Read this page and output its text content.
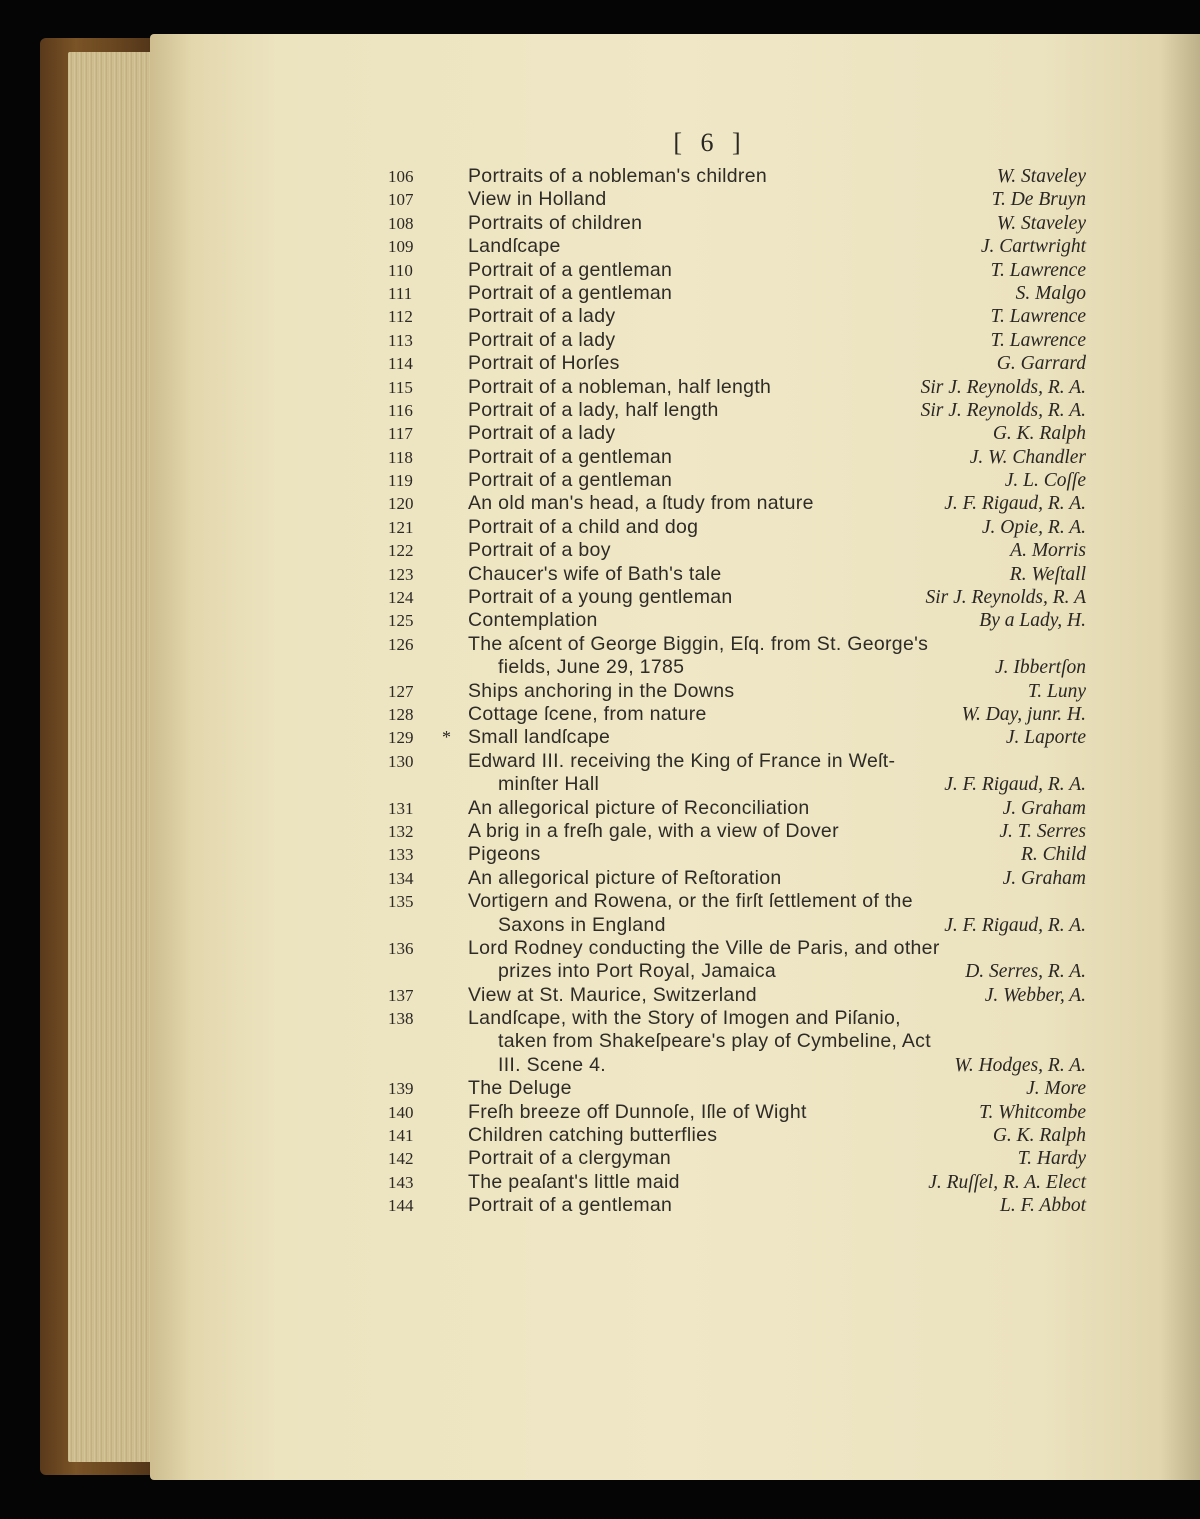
[ 6 ]
106	Portraits of a nobleman's children	W. Staveley
107	View in Holland	T. De Bruyn
108	Portraits of children	W. Staveley
109	Landſcape	J. Cartwright
110	Portrait of a gentleman	T. Lawrence
111	Portrait of a gentleman	S. Malgo
112	Portrait of a lady	T. Lawrence
113	Portrait of a lady	T. Lawrence
114	Portrait of Horſes	G. Garrard
115	Portrait of a nobleman, half length	Sir J. Reynolds, R. A.
116	Portrait of a lady, half length	Sir J. Reynolds, R. A.
117	Portrait of a lady	G. K. Ralph
118	Portrait of a gentleman	J. W. Chandler
119	Portrait of a gentleman	J. L. Coſſe
120	An old man's head, a ſtudy from nature	J. F. Rigaud, R. A.
121	Portrait of a child and dog	J. Opie, R. A.
122	Portrait of a boy	A. Morris
123	Chaucer's wife of Bath's tale	R. Weſtall
124	Portrait of a young gentleman	Sir J. Reynolds, R. A
125	Contemplation	By a Lady, H.
126	The aſcent of George Biggin, Eſq. from St. George's
fields, June 29, 1785	J. Ibbertſon
127	Ships anchoring in the Downs	T. Luny
128	Cottage ſcene, from nature	W. Day, junr. H.
129	* Small landſcape	J. Laporte
130	Edward III. receiving the King of France in Weſt-
minſter Hall	J. F. Rigaud, R. A.
131	An allegorical picture of Reconciliation	J. Graham
132	A brig in a freſh gale, with a view of Dover	J. T. Serres
133	Pigeons	R. Child
134	An allegorical picture of Reſtoration	J. Graham
135	Vortigern and Rowena, or the firſt ſettlement of the
Saxons in England	J. F. Rigaud, R. A.
136	Lord Rodney conducting the Ville de Paris, and other
prizes into Port Royal, Jamaica	D. Serres, R. A.
137	View at St. Maurice, Switzerland	J. Webber, A.
138	Landſcape, with the Story of Imogen and Piſanio,
taken from Shakeſpeare's play of Cymbeline, Act
III. Scene 4.	W. Hodges, R. A.
139	The Deluge	J. More
140	Freſh breeze off Dunnoſe, Iſle of Wight	T. Whitcombe
141	Children catching butterflies	G. K. Ralph
142	Portrait of a clergyman	T. Hardy
143	The peaſant's little maid	J. Ruſſel, R. A. Elect
144	Portrait of a gentleman	L. F. Abbot
